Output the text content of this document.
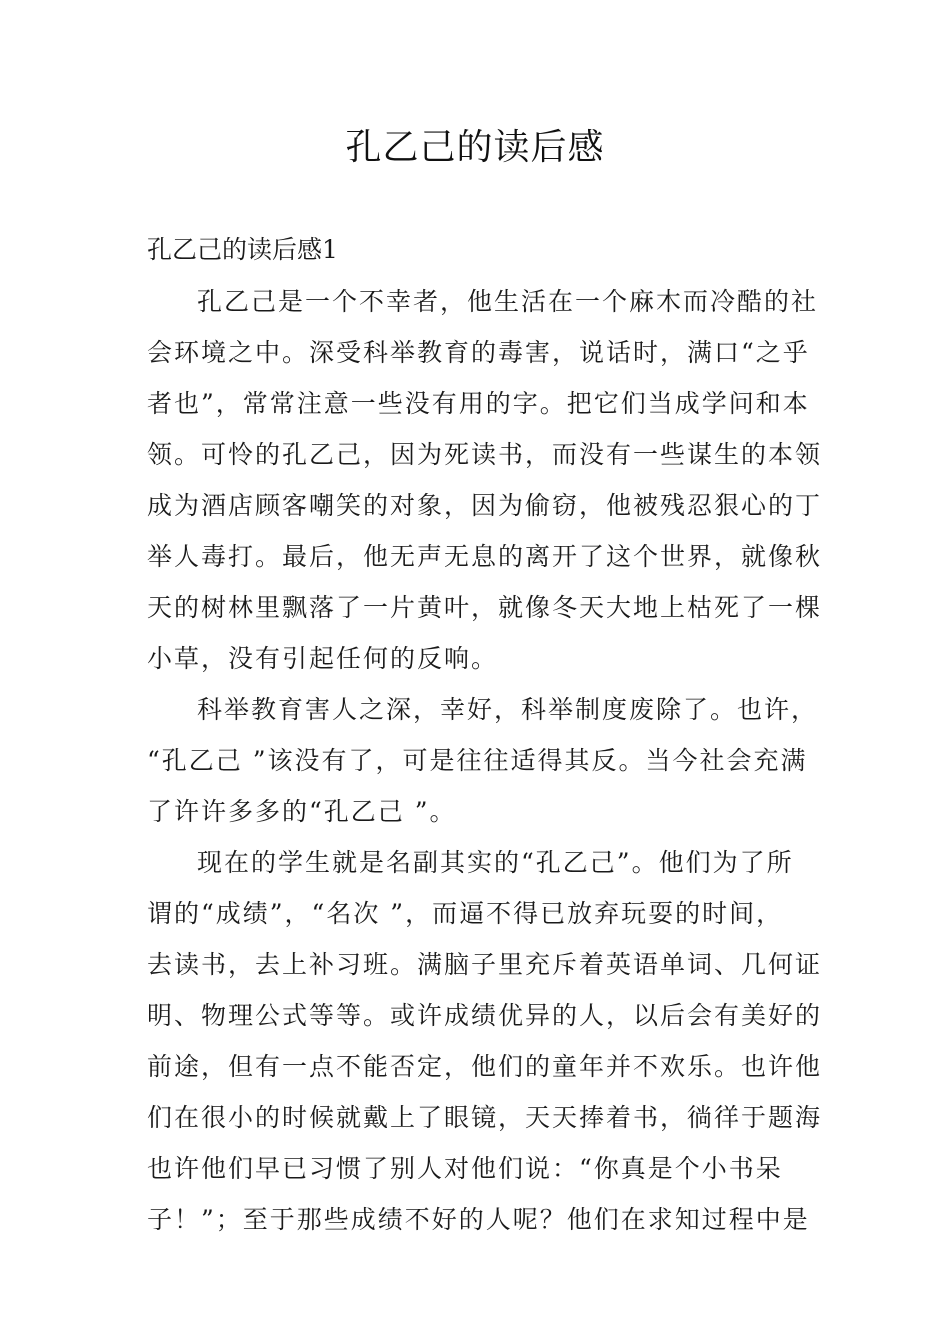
孔乙己的读后感
孔乙己的读后感1

孔乙己是一个不幸者，他生活在一个麻木而冷酷的社
会环境之中。深受科举教育的毒害，说话时，满口“之乎
者也”，常常注意一些没有用的字。把它们当成学问和本
领。可怜的孔乙己，因为死读书，而没有一些谋生的本领
成为酒店顾客嘲笑的对象，因为偷窃，他被残忍狠心的丁
举人毒打。最后，他无声无息的离开了这个世界，就像秋
天的树林里飘落了一片黄叶，就像冬天大地上枯死了一棵
小草，没有引起任何的反响。

科举教育害人之深，幸好，科举制度废除了。也许，
“孔乙己 ”该没有了，可是往往适得其反。当今社会充满
了许许多多的“孔乙己 ”。

现在的学生就是名副其实的“孔乙己”。他们为了所
谓的“成绩”，“名次 ”，而逼不得已放弃玩耍的时间，
去读书，去上补习班。满脑子里充斥着英语单词、几何证
明、物理公式等等。或许成绩优异的人，以后会有美好的
前途，但有一点不能否定，他们的童年并不欢乐。也许他
们在很小的时候就戴上了眼镜，天天捧着书，徜徉于题海
也许他们早已习惯了别人对他们说：“你真是个小书呆
子！”；至于那些成绩不好的人呢？他们在求知过程中是
